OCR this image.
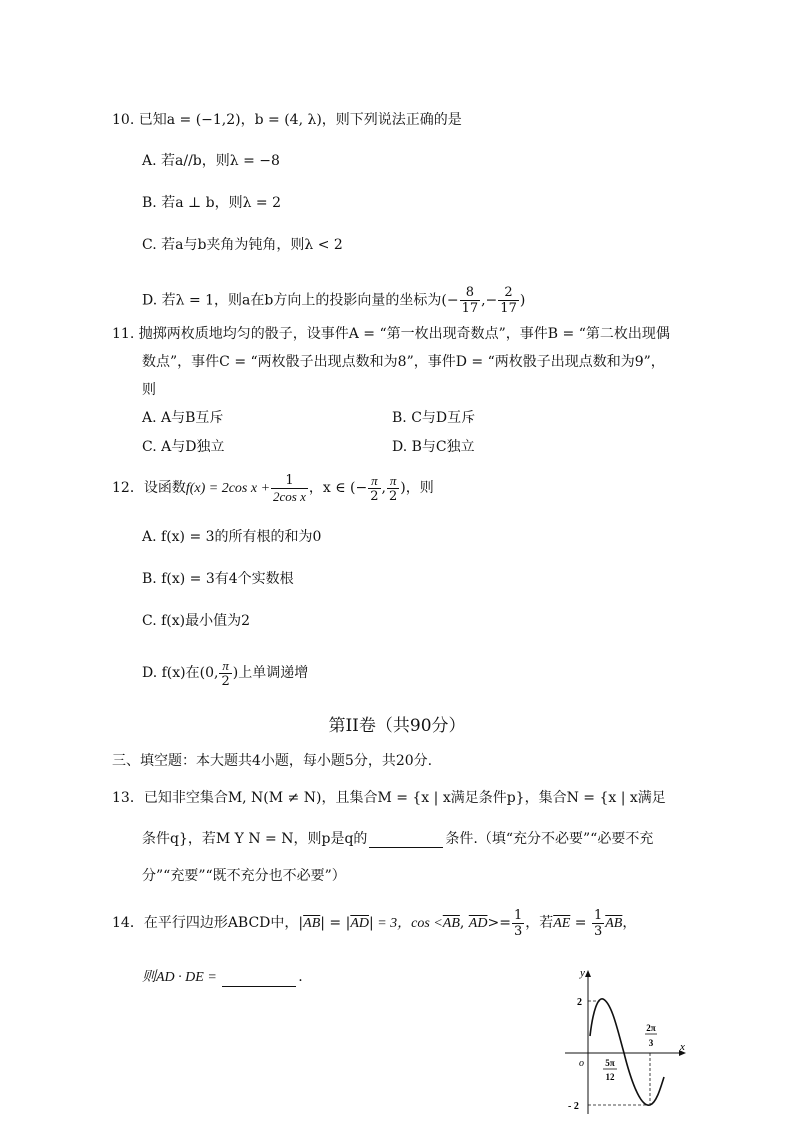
10. 已知a = (−1,2)，b = (4, λ)，则下列说法正确的是
A. 若a//b，则λ = −8
B. 若a ⊥ b，则λ = 2
C. 若a与b夹角为钝角，则λ < 2
D. 若λ = 1，则a在b方向上的投影向量的坐标为(− $\frac{8}{17}$ ,− $\frac{2}{17}$ )
11. 抛掷两枚质地均匀的骰子，设事件A = “第一枚出现奇数点”，事件B = “第二枚出现偶
数点”，事件C = “两枚骰子出现点数和为8”，事件D = “两枚骰子出现点数和为9”，
则
A. A与B互斥	B. C与D互斥
C. A与D独立	D. B与C独立
12．设函数f(x) = 2cos $x + \frac{1}{\text{2cos x}}$ ，x ∈ (− $\frac{\pi}{2}$ , $\frac{\pi}{2}$ )，则
A. f(x) = 3的所有根的和为0
B. f(x) = 3有4个实数根
C. f(x)最小值为2
D. f(x)在(0, $\frac{\pi}{2}$ )上单调递增
第II卷（共90分）
三、填空题：本大题共4小题，每小题5分，共20分.
13．已知非空集合M, N(M ≠ N)，且集合M = {x | x满足条件p}，集合N = {x | x满足
条件q}，若M Y N = N，则p是q的	条件.（填“充分不必要”“必要不充
分”“充要”“既不充分也不必要”）
14．在平行四边形ABCD中，$|\overline{AB}| = |\overline{AD}| = 3$，$\cos <\overline{AB}$, $\overline{AD}>= \frac{1}{3}$ ，若$\overline{AE} = \frac{1}{3} \overline{AB}$，
则AD · DE =	.	y
x
o
2
- 2
5π
12
2π
3
